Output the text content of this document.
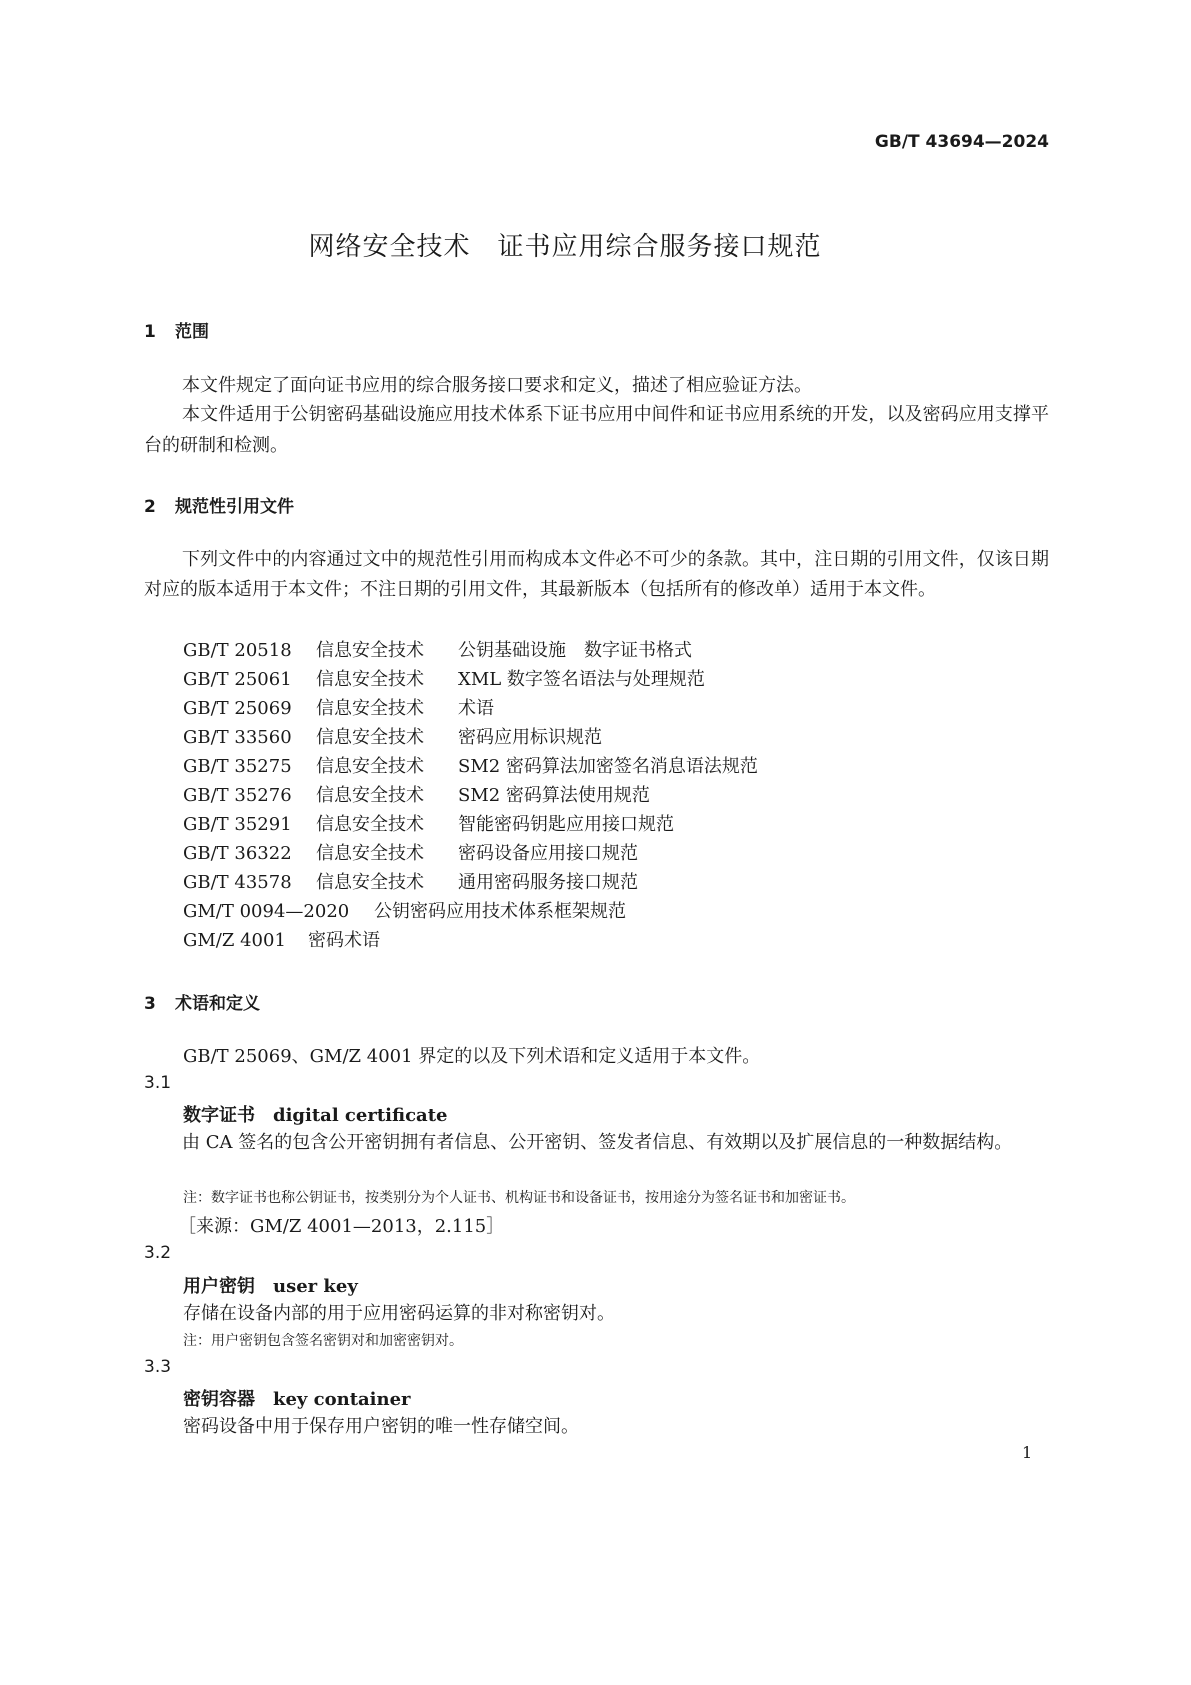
GB/T 43694—2024
网络安全技术　证书应用综合服务接口规范
1 范围
本文件规定了面向证书应用的综合服务接口要求和定义，描述了相应验证方法。
本文件适用于公钥密码基础设施应用技术体系下证书应用中间件和证书应用系统的开发，以及密码应用支撑平台的研制和检测。
2 规范性引用文件
下列文件中的内容通过文中的规范性引用而构成本文件必不可少的条款。其中，注日期的引用文件，仅该日期对应的版本适用于本文件；不注日期的引用文件，其最新版本（包括所有的修改单）适用于本文件。
GB/T 20518 信息安全技术 公钥基础设施　数字证书格式
GB/T 25061 信息安全技术 XML 数字签名语法与处理规范
GB/T 25069 信息安全技术 术语
GB/T 33560 信息安全技术 密码应用标识规范
GB/T 35275 信息安全技术 SM2 密码算法加密签名消息语法规范
GB/T 35276 信息安全技术 SM2 密码算法使用规范
GB/T 35291 信息安全技术 智能密码钥匙应用接口规范
GB/T 36322 信息安全技术 密码设备应用接口规范
GB/T 43578 信息安全技术 通用密码服务接口规范
GM/T 0094—2020 公钥密码应用技术体系框架规范
GM/Z 4001 密码术语
3 术语和定义
GB/T 25069、GM/Z 4001 界定的以及下列术语和定义适用于本文件。
3.1
数字证书 digital certificate
由 CA 签名的包含公开密钥拥有者信息、公开密钥、签发者信息、有效期以及扩展信息的一种数据结构。
注：数字证书也称公钥证书，按类别分为个人证书、机构证书和设备证书，按用途分为签名证书和加密证书。
［来源：GM/Z 4001—2013，2.115］
3.2
用户密钥 user key
存储在设备内部的用于应用密码运算的非对称密钥对。
注：用户密钥包含签名密钥对和加密密钥对。
3.3
密钥容器 key container
密码设备中用于保存用户密钥的唯一性存储空间。
1
